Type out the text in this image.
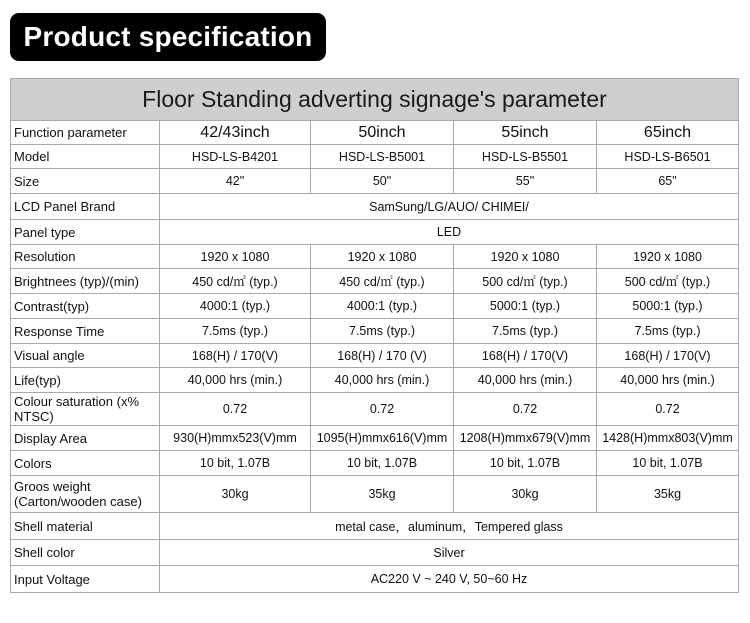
Product specification
Floor Standing adverting signage's parameter				
Function parameter	42/43inch	50inch	55inch	65inch
Model	HSD-LS-B4201	HSD-LS-B5001	HSD-LS-B5501	HSD-LS-B6501
Size	42"	50"	55"	65"
LCD Panel Brand	SamSung/LG/AUO/ CHIMEI/			
Panel type	LED			
Resolution	1920 x 1080	1920 x 1080	1920 x 1080	1920 x 1080
Brightnees (typ)/(min)	450 cd/㎡ (typ.)	450 cd/㎡ (typ.)	500 cd/㎡ (typ.)	500 cd/㎡ (typ.)
Contrast(typ)	4000:1 (typ.)	4000:1 (typ.)	5000:1 (typ.)	5000:1 (typ.)
Response Time	7.5ms (typ.)	7.5ms (typ.)	7.5ms (typ.)	7.5ms (typ.)
Visual angle	168(H) / 170(V)	168(H) / 170 (V)	168(H) / 170(V)	168(H) / 170(V)
Life(typ)	40,000 hrs (min.)	40,000 hrs (min.)	40,000 hrs (min.)	40,000 hrs (min.)
Colour saturation (x% NTSC)	0.72	0.72	0.72	0.72
Display Area	930(H)mmx523(V)mm	1095(H)mmx616(V)mm	1208(H)mmx679(V)mm	1428(H)mmx803(V)mm
Colors	10 bit, 1.07B	10 bit, 1.07B	10 bit, 1.07B	10 bit, 1.07B
Groos weight (Carton/wooden case)	30kg	35kg	30kg	35kg
Shell material	metal case，aluminum，Tempered glass			
Shell color	Silver			
Input Voltage	AC220 V ~ 240 V, 50~60 Hz			
